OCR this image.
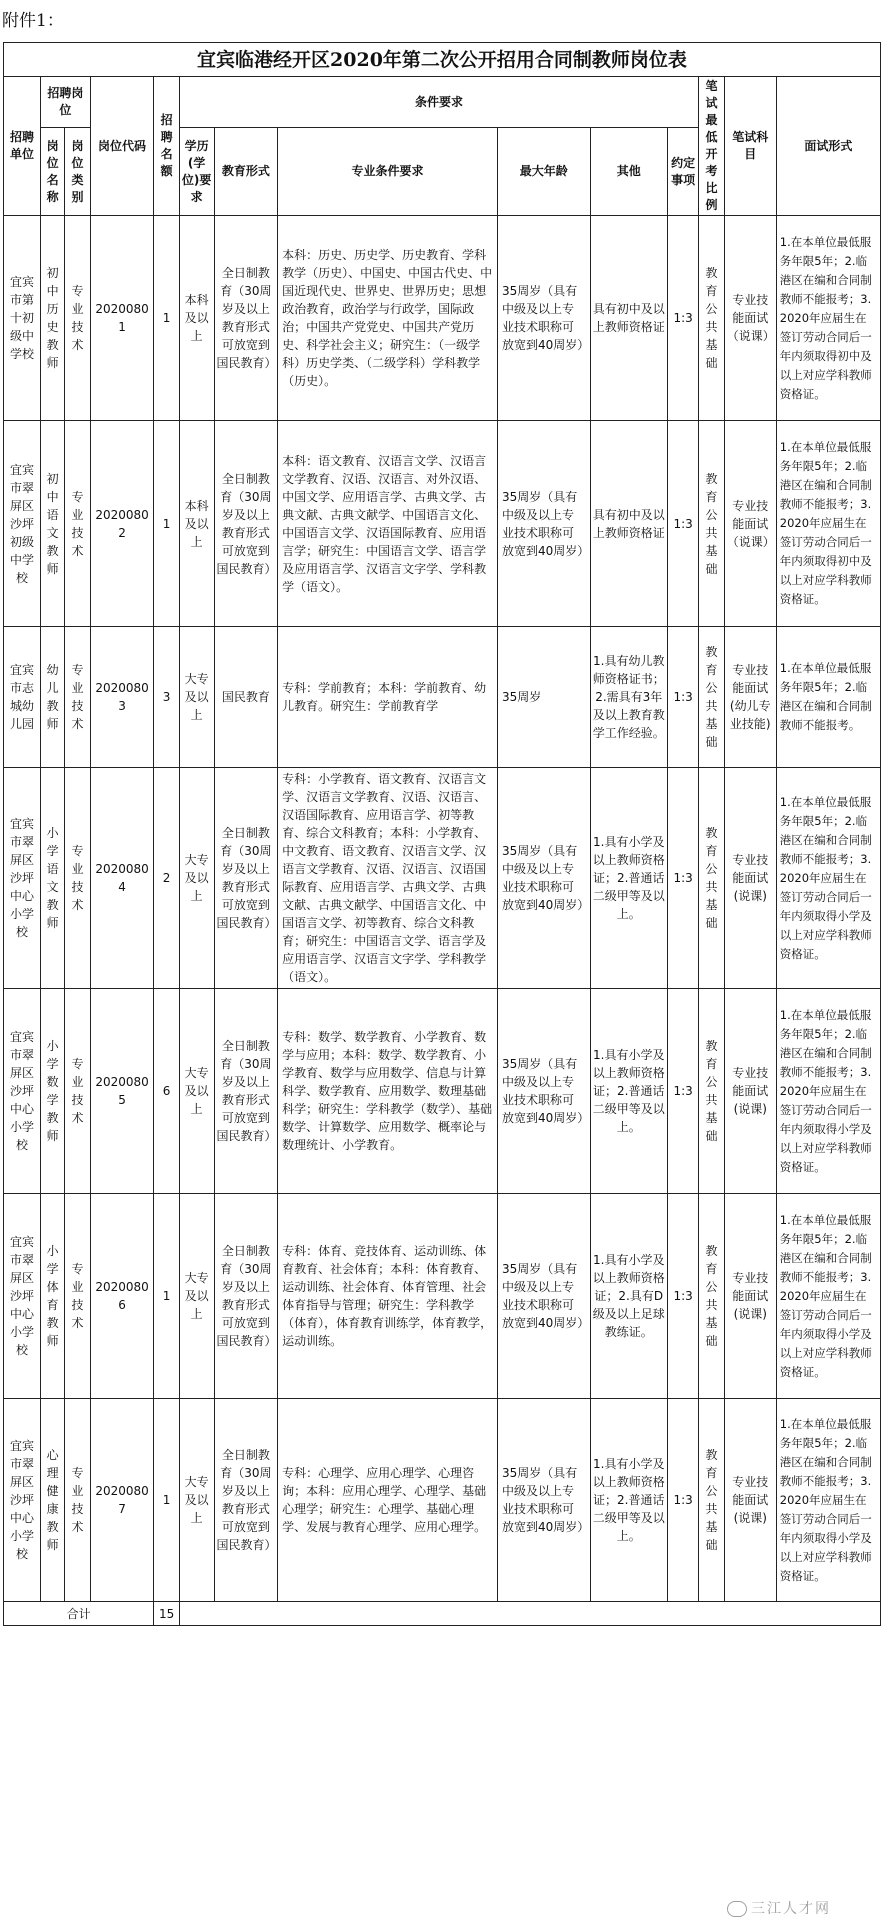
附件1：
宜宾临港经开区2020年第二次公开招用合同制教师岗位表													
招聘单位	招聘岗位		岗位代码	招聘名额	条件要求						笔试最低开考比例	笔试科目	面试形式
	岗位名称	岗位类别			学历(学位)要求	教育形式	专业条件要求	最大年龄	其他	约定事项			
宜宾市第十初级中学校	初中历史教师	专业技术	20200801	1	本科及以上	全日制教育（30周岁及以上教育形式可放宽到国民教育）	本科：历史、历史学、历史教育、学科教学（历史）、中国史、中国古代史、中国近现代史、世界史、世界历史；思想政治教育，政治学与行政学，国际政治；中国共产党党史、中国共产党历史、科学社会主义；研究生：（一级学科）历史学类、（二级学科）学科教学（历史）。	35周岁（具有中级及以上专业技术职称可放宽到40周岁）	具有初中及以上教师资格证	1:3	教育公共基础	专业技能面试（说课）	1.在本单位最低服务年限5年；2.临港区在编和合同制教师不能报考；3.2020年应届生在签订劳动合同后一年内须取得初中及以上对应学科教师资格证。
宜宾市翠屏区沙坪初级中学校	初中语文教师	专业技术	20200802	1	本科及以上	全日制教育（30周岁及以上教育形式可放宽到国民教育）	本科：语文教育、汉语言文学、汉语言文学教育、汉语、汉语言、对外汉语、中国文学、应用语言学、古典文学、古典文献、古典文献学、中国语言文化、中国语言文学、汉语国际教育、应用语言学；研究生：中国语言文学、语言学及应用语言学、汉语言文字学、学科教学（语文）。	35周岁（具有中级及以上专业技术职称可放宽到40周岁）	具有初中及以上教师资格证	1:3	教育公共基础	专业技能面试（说课）	1.在本单位最低服务年限5年；2.临港区在编和合同制教师不能报考；3.2020年应届生在签订劳动合同后一年内须取得初中及以上对应学科教师资格证。
宜宾市志城幼儿园	幼儿教师	专业技术	20200803	3	大专及以上	国民教育	专科：学前教育；本科：学前教育、幼儿教育。研究生：学前教育学	35周岁	1.具有幼儿教师资格证书；2.需具有3年及以上教育教学工作经验。	1:3	教育公共基础	专业技能面试(幼儿专业技能)	1.在本单位最低服务年限5年；2.临港区在编和合同制教师不能报考。
宜宾市翠屏区沙坪中心小学校	小学语文教师	专业技术	20200804	2	大专及以上	全日制教育（30周岁及以上教育形式可放宽到国民教育）	专科：小学教育、语文教育、汉语言文学、汉语言文学教育、汉语、汉语言、汉语国际教育、应用语言学、初等教育、综合文科教育；本科：小学教育、中文教育、语文教育、汉语言文学、汉语言文学教育、汉语、汉语言、汉语国际教育、应用语言学、古典文学、古典文献、古典文献学、中国语言文化、中国语言文学、初等教育、综合文科教育；研究生：中国语言文学、语言学及应用语言学、汉语言文字学、学科教学（语文）。	35周岁（具有中级及以上专业技术职称可放宽到40周岁）	1.具有小学及以上教师资格证；2.普通话二级甲等及以上。	1:3	教育公共基础	专业技能面试(说课)	1.在本单位最低服务年限5年；2.临港区在编和合同制教师不能报考；3.2020年应届生在签订劳动合同后一年内须取得小学及以上对应学科教师资格证。
宜宾市翠屏区沙坪中心小学校	小学数学教师	专业技术	20200805	6	大专及以上	全日制教育（30周岁及以上教育形式可放宽到国民教育）	专科：数学、数学教育、小学教育、数学与应用；本科：数学、数学教育、小学教育、数学与应用数学、信息与计算科学、数学教育、应用数学、数理基础科学；研究生：学科教学（数学）、基础数学、计算数学、应用数学、概率论与数理统计、小学教育。	35周岁（具有中级及以上专业技术职称可放宽到40周岁）	1.具有小学及以上教师资格证；2.普通话二级甲等及以上。	1:3	教育公共基础	专业技能面试(说课)	1.在本单位最低服务年限5年；2.临港区在编和合同制教师不能报考；3.2020年应届生在签订劳动合同后一年内须取得小学及以上对应学科教师资格证。
宜宾市翠屏区沙坪中心小学校	小学体育教师	专业技术	20200806	1	大专及以上	全日制教育（30周岁及以上教育形式可放宽到国民教育）	专科：体育、竞技体育、运动训练、体育教育、社会体育；本科：体育教育、运动训练、社会体育、体育管理、社会体育指导与管理；研究生：学科教学（体育），体育教育训练学，体育教学，运动训练。	35周岁（具有中级及以上专业技术职称可放宽到40周岁）	1.具有小学及以上教师资格证；2.具有D级及以上足球教练证。	1:3	教育公共基础	专业技能面试(说课)	1.在本单位最低服务年限5年；2.临港区在编和合同制教师不能报考；3.2020年应届生在签订劳动合同后一年内须取得小学及以上对应学科教师资格证。
宜宾市翠屏区沙坪中心小学校	心理健康教师	专业技术	20200807	1	大专及以上	全日制教育（30周岁及以上教育形式可放宽到国民教育）	专科：心理学、应用心理学、心理咨询；本科：应用心理学、心理学、基础心理学；研究生：心理学、基础心理学、发展与教育心理学、应用心理学。	35周岁（具有中级及以上专业技术职称可放宽到40周岁）	1.具有小学及以上教师资格证；2.普通话二级甲等及以上。	1:3	教育公共基础	专业技能面试(说课)	1.在本单位最低服务年限5年；2.临港区在编和合同制教师不能报考；3.2020年应届生在签订劳动合同后一年内须取得小学及以上对应学科教师资格证。
合计				15									
三江人才网
